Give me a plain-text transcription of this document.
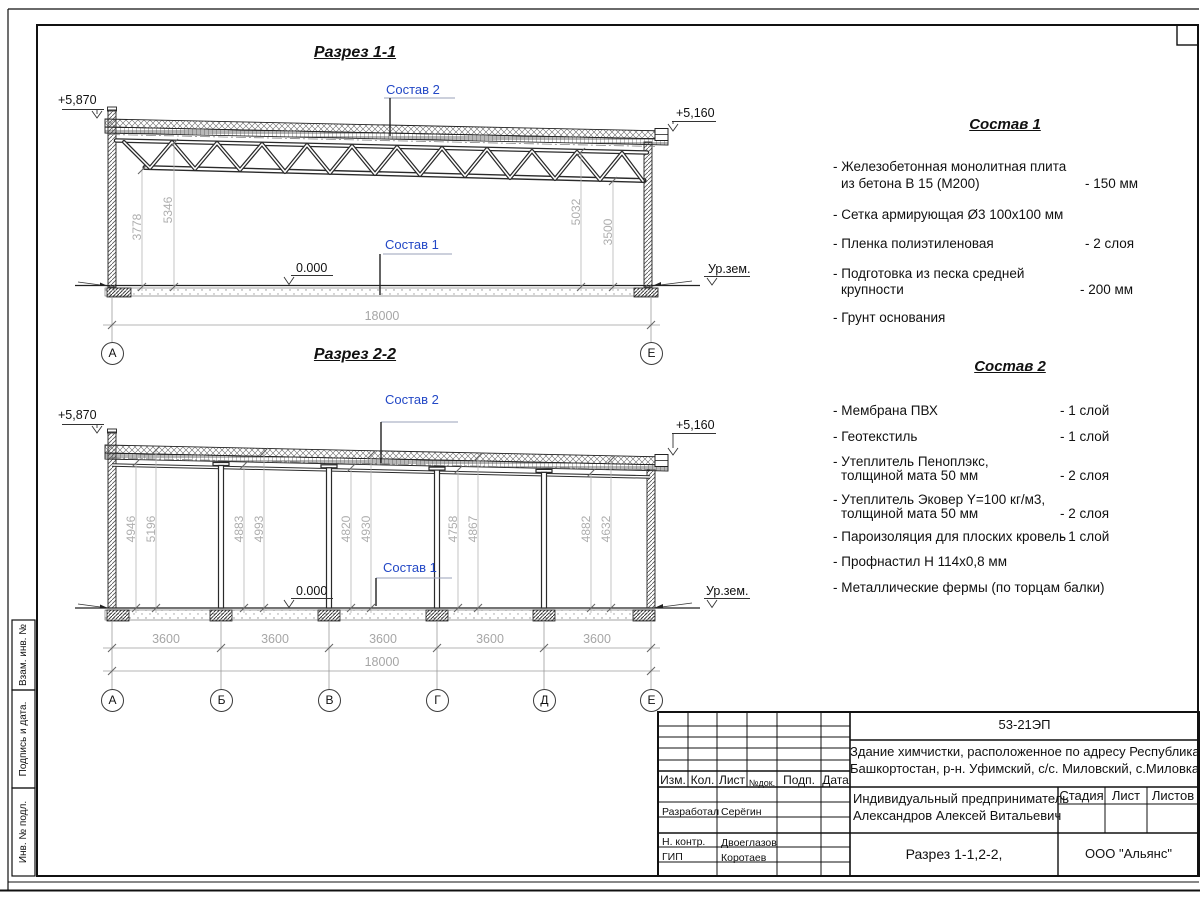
Разрез 1-1
Разрез 2-2
+5,870
+5,160
0.000	Ур.зем.
Состав 2
Состав 1
3778
5346	5032
3500
18000
А	Е
+5,870
+5,160
0.000	Ур.зем.
Состав 2
Состав 1
4946 5196	4883 4993	4820 4930	4758 4867	4882 4632
3600	3600	3600	3600	3600
18000
А	Б	В	Г	Д	Е
Состав 1
- Железобетонная монолитная плита
из бетона В 15 (М200)	- 150 мм
- Сетка армирующая Ø3 100х100 мм
- Пленка полиэтиленовая	- 2 слоя
- Подготовка из песка средней
крупности	- 200 мм
- Грунт основания
Состав 2
- Мембрана ПВХ	- 1 слой
- Геотекстиль	- 1 слой
- Утеплитель Пеноплэкс,
толщиной мата 50 мм	- 2 слоя
- Утеплитель Эковер Y=100 кг/м3,
толщиной мата 50 мм	- 2 слоя
- Пароизоляция для плоских кровель
- 1 слой
- Профнастил Н 114х0,8 мм
- Металлические фермы (по торцам балки)
53-21ЭП
Здание химчистки, расположенное по адресу Республика
Башкортостан, р-н. Уфимский, с/с. Миловский, с.Миловка
Индивидуальный предприниматель
Александров Алексей Витальевич
Стадия Лист Листов
Разрез 1-1,2-2,	ООО "Альянс"
Изм. Кол. Лист №док. Подп. Дата
Разработал Серёгин
Н. контр. Двоеглазов
ГИП	Коротаев
Взам. инв. №
Подпись и дата.
Инв. № подл.
